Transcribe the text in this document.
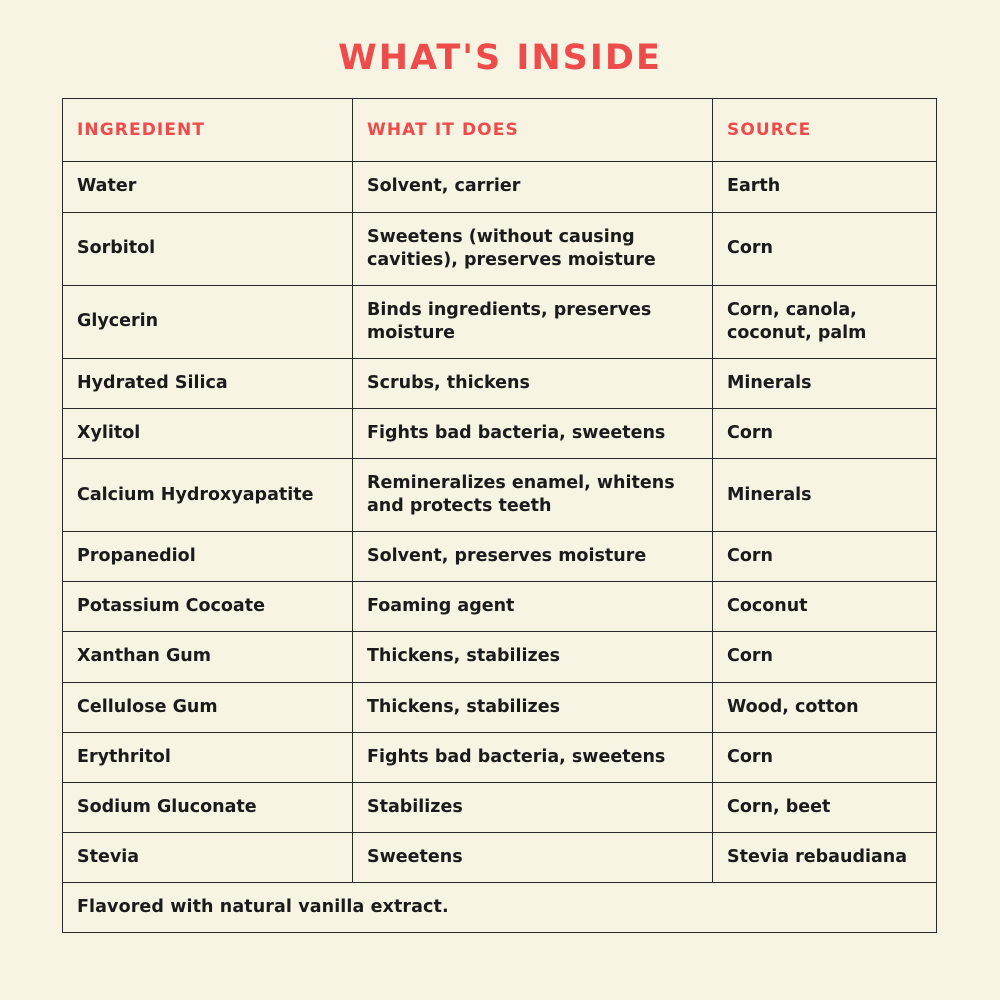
WHAT'S INSIDE
INGREDIENT	WHAT IT DOES	SOURCE
Water	Solvent, carrier	Earth
Sorbitol	Sweetens (without causing cavities), preserves moisture	Corn
Glycerin	Binds ingredients, preserves moisture	Corn, canola, coconut, palm
Hydrated Silica	Scrubs, thickens	Minerals
Xylitol	Fights bad bacteria, sweetens	Corn
Calcium Hydroxyapatite	Remineralizes enamel, whitens and protects teeth	Minerals
Propanediol	Solvent, preserves moisture	Corn
Potassium Cocoate	Foaming agent	Coconut
Xanthan Gum	Thickens, stabilizes	Corn
Cellulose Gum	Thickens, stabilizes	Wood, cotton
Erythritol	Fights bad bacteria, sweetens	Corn
Sodium Gluconate	Stabilizes	Corn, beet
Stevia	Sweetens	Stevia rebaudiana
Flavored with natural vanilla extract.		
